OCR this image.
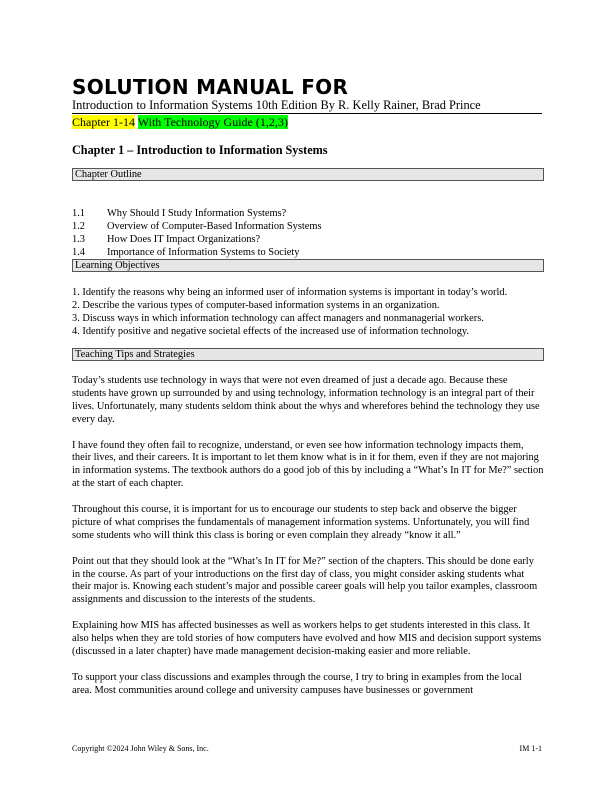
SOLUTION MANUAL FOR
Introduction to Information Systems 10th Edition By R. Kelly Rainer, Brad Prince
Chapter 1-14 With Technology Guide (1,2,3)
Chapter 1 – Introduction to Information Systems
Chapter Outline
1.1 Why Should I Study Information Systems?
1.2 Overview of Computer-Based Information Systems
1.3 How Does IT Impact Organizations?
1.4 Importance of Information Systems to Society
Learning Objectives
1. Identify the reasons why being an informed user of information systems is important in today’s world.
2. Describe the various types of computer-based information systems in an organization.
3. Discuss ways in which information technology can affect managers and nonmanagerial workers.
4. Identify positive and negative societal effects of the increased use of information technology.
Teaching Tips and Strategies

Today’s students use technology in ways that were not even dreamed of just a decade ago. Because these students have grown up surrounded by and using technology, information technology is an integral part of their lives. Unfortunately, many students seldom think about the whys and wherefores behind the technology they use every day.

I have found they often fail to recognize, understand, or even see how information technology impacts them, their lives, and their careers. It is important to let them know what is in it for them, even if they are not majoring in information systems. The textbook authors do a good job of this by including a “What’s In IT for Me?” section at the start of each chapter.

Throughout this course, it is important for us to encourage our students to step back and observe the bigger picture of what comprises the fundamentals of management information systems. Unfortunately, you will find some students who will think this class is boring or even complain they already “know it all.”

Point out that they should look at the “What’s In IT for Me?” section of the chapters. This should be done early in the course. As part of your introductions on the first day of class, you might consider asking students what their major is. Knowing each student’s major and possible career goals will help you tailor examples, classroom assignments and discussion to the interests of the students.

Explaining how MIS has affected businesses as well as workers helps to get students interested in this class. It also helps when they are told stories of how computers have evolved and how MIS and decision support systems (discussed in a later chapter) have made management decision-making easier and more reliable.

To support your class discussions and examples through the course, I try to bring in examples from the local area. Most communities around college and university campuses have businesses or government

Copyright ©2024 John Wiley & Sons, Inc.	IM 1-1
